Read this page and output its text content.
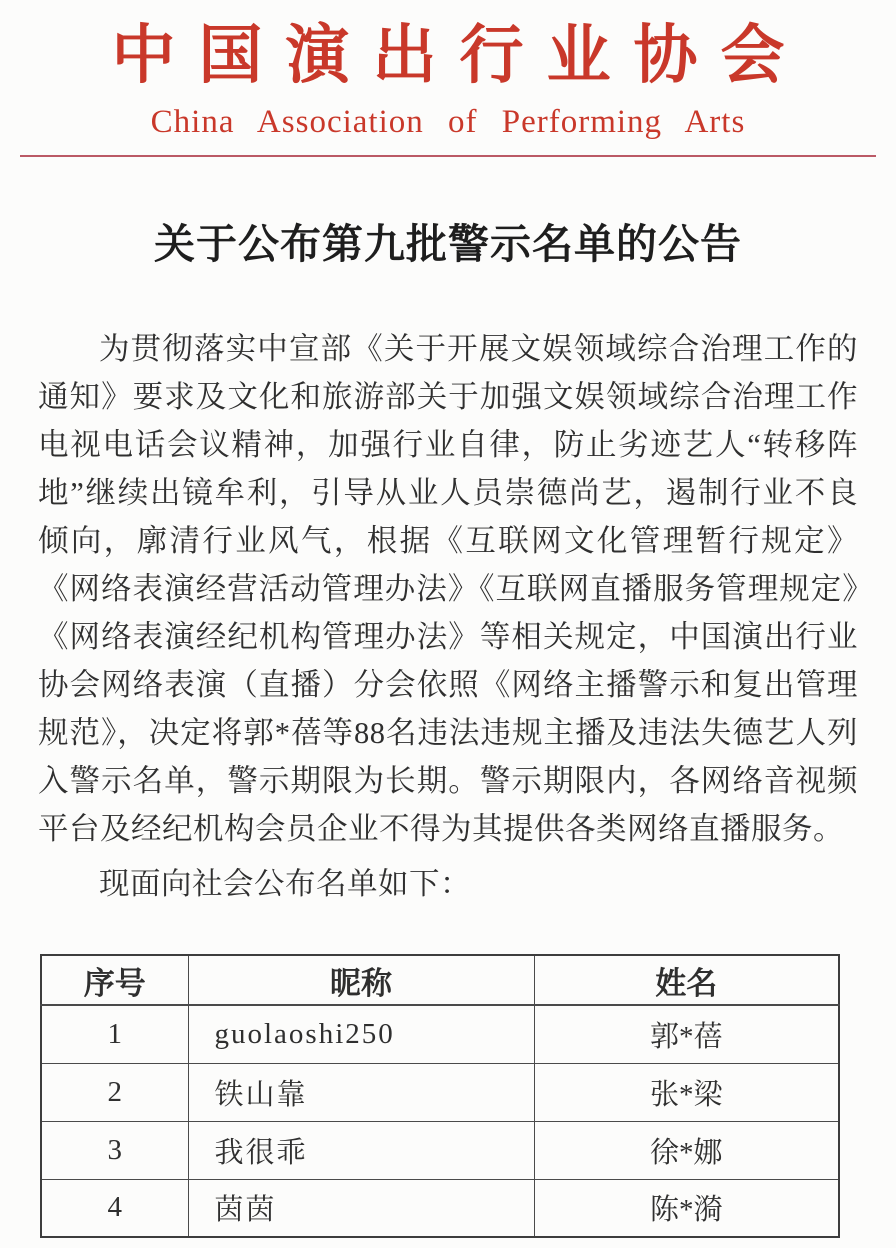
中国演出行业协会
China Association of Performing Arts
关于公布第九批警示名单的公告

为贯彻落实中宣部《关于开展文娱领域综合治理工作的通知》要求及文化和旅游部关于加强文娱领域综合治理工作电视电话会议精神，加强行业自律，防止劣迹艺人“转移阵地”继续出镜牟利，引导从业人员崇德尚艺，遏制行业不良倾向，廓清行业风气，根据《互联网文化管理暂行规定》《网络表演经营活动管理办法》《互联网直播服务管理规定》《网络表演经纪机构管理办法》等相关规定，中国演出行业协会网络表演（直播）分会依照《网络主播警示和复出管理规范》，决定将郭*蓓等88名违法违规主播及违法失德艺人列入警示名单，警示期限为长期。警示期限内，各网络音视频平台及经纪机构会员企业不得为其提供各类网络直播服务。

现面向社会公布名单如下：

序号	昵称	姓名
1	guolaoshi250	郭*蓓
2	铁山靠	张*梁
3	我很乖	徐*娜
4	茵茵	陈*漪
